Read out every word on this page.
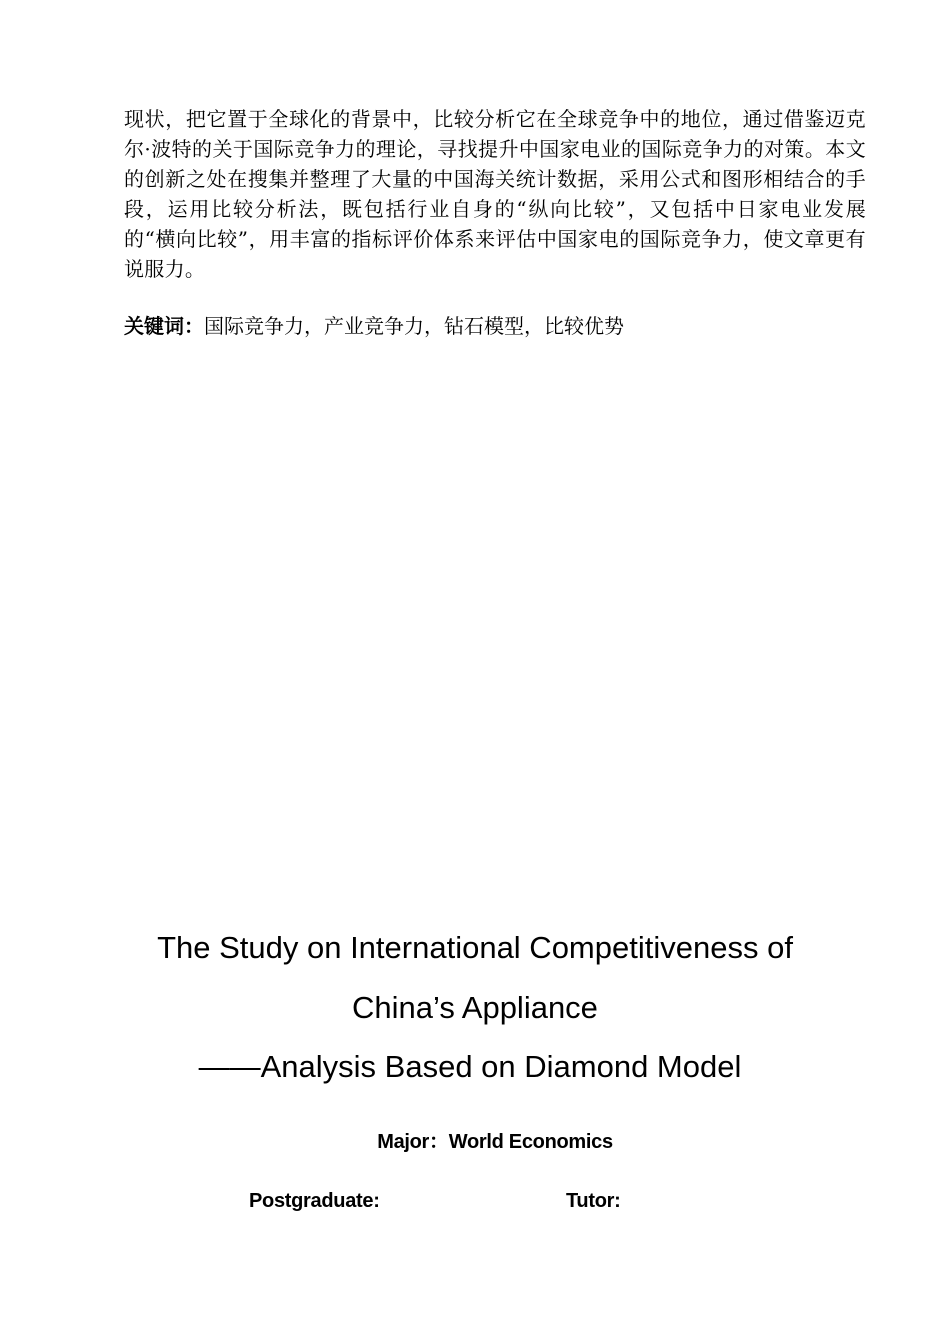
现状，把它置于全球化的背景中，比较分析它在全球竞争中的地位，通过借鉴迈克尔·波特的关于国际竞争力的理论，寻找提升中国家电业的国际竞争力的对策。本文的创新之处在搜集并整理了大量的中国海关统计数据，采用公式和图形相结合的手段，运用比较分析法，既包括行业自身的“纵向比较”，又包括中日家电业发展的“横向比较”，用丰富的指标评价体系来评估中国家电的国际竞争力，使文章更有说服力。

关键词：国际竞争力，产业竞争力，钻石模型，比较优势

The Study on International Competitiveness of
China’s Appliance
——Analysis Based on Diamond Model
Major：World Economics
Postgraduate:	Tutor:
